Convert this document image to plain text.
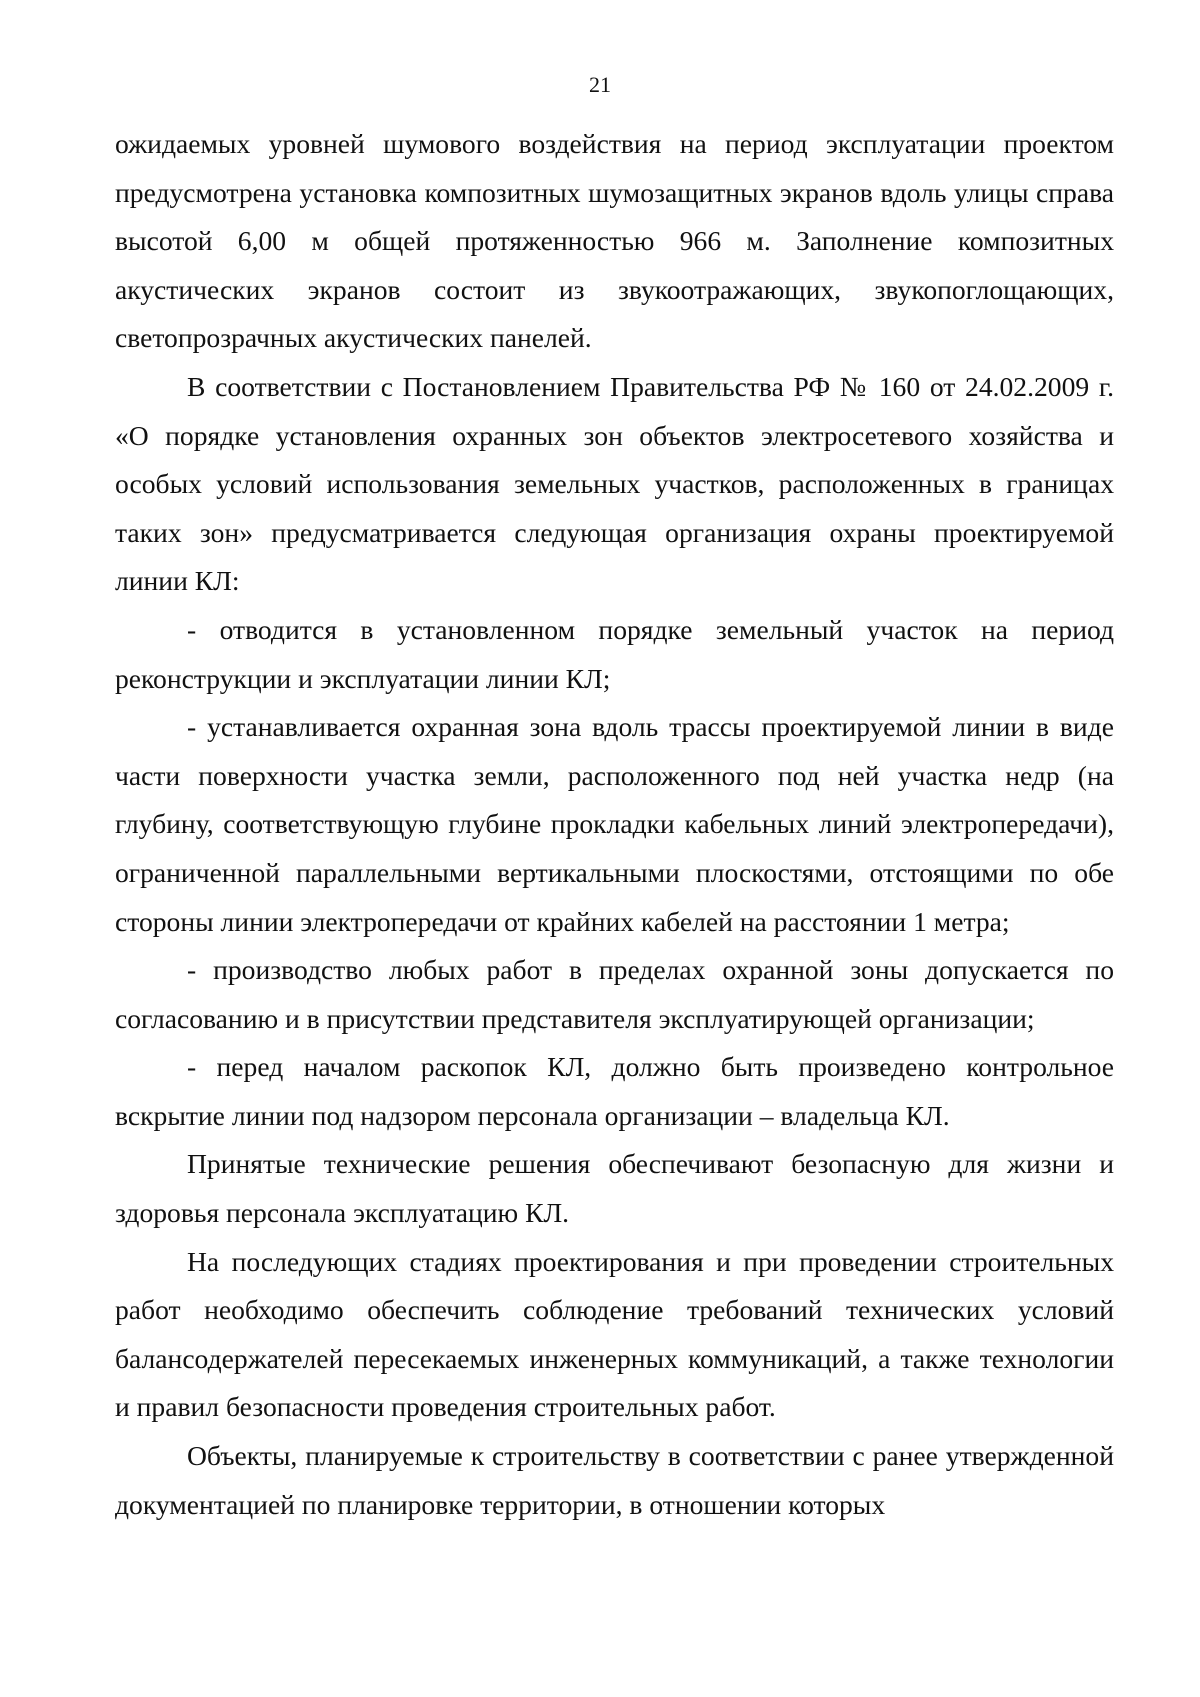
21

ожидаемых уровней шумового воздействия на период эксплуатации проектом предусмотрена установка композитных шумозащитных экранов вдоль улицы справа высотой 6,00 м общей протяженностью 966 м. Заполнение композитных акустических экранов состоит из звукоотражающих, звукопоглощающих, светопрозрачных акустических панелей.

В соответствии с Постановлением Правительства РФ № 160 от 24.02.2009 г. «О порядке установления охранных зон объектов электросетевого хозяйства и особых условий использования земельных участков, расположенных в границах таких зон» предусматривается следующая организация охраны проектируемой линии КЛ:

- отводится в установленном порядке земельный участок на период реконструкции и эксплуатации линии КЛ;

- устанавливается охранная зона вдоль трассы проектируемой линии в виде части поверхности участка земли, расположенного под ней участка недр (на глубину, соответствующую глубине прокладки кабельных линий электропередачи), ограниченной параллельными вертикальными плоскостями, отстоящими по обе стороны линии электропередачи от крайних кабелей на расстоянии 1 метра;

- производство любых работ в пределах охранной зоны допускается по согласованию и в присутствии представителя эксплуатирующей организации;

- перед началом раскопок КЛ, должно быть произведено контрольное вскрытие линии под надзором персонала организации – владельца КЛ.

Принятые технические решения обеспечивают безопасную для жизни и здоровья персонала эксплуатацию КЛ.

На последующих стадиях проектирования и при проведении строительных работ необходимо обеспечить соблюдение требований технических условий балансодержателей пересекаемых инженерных коммуникаций, а также технологии и правил безопасности проведения строительных работ.

Объекты, планируемые к строительству в соответствии с ранее утвержденной документацией по планировке территории, в отношении которых
